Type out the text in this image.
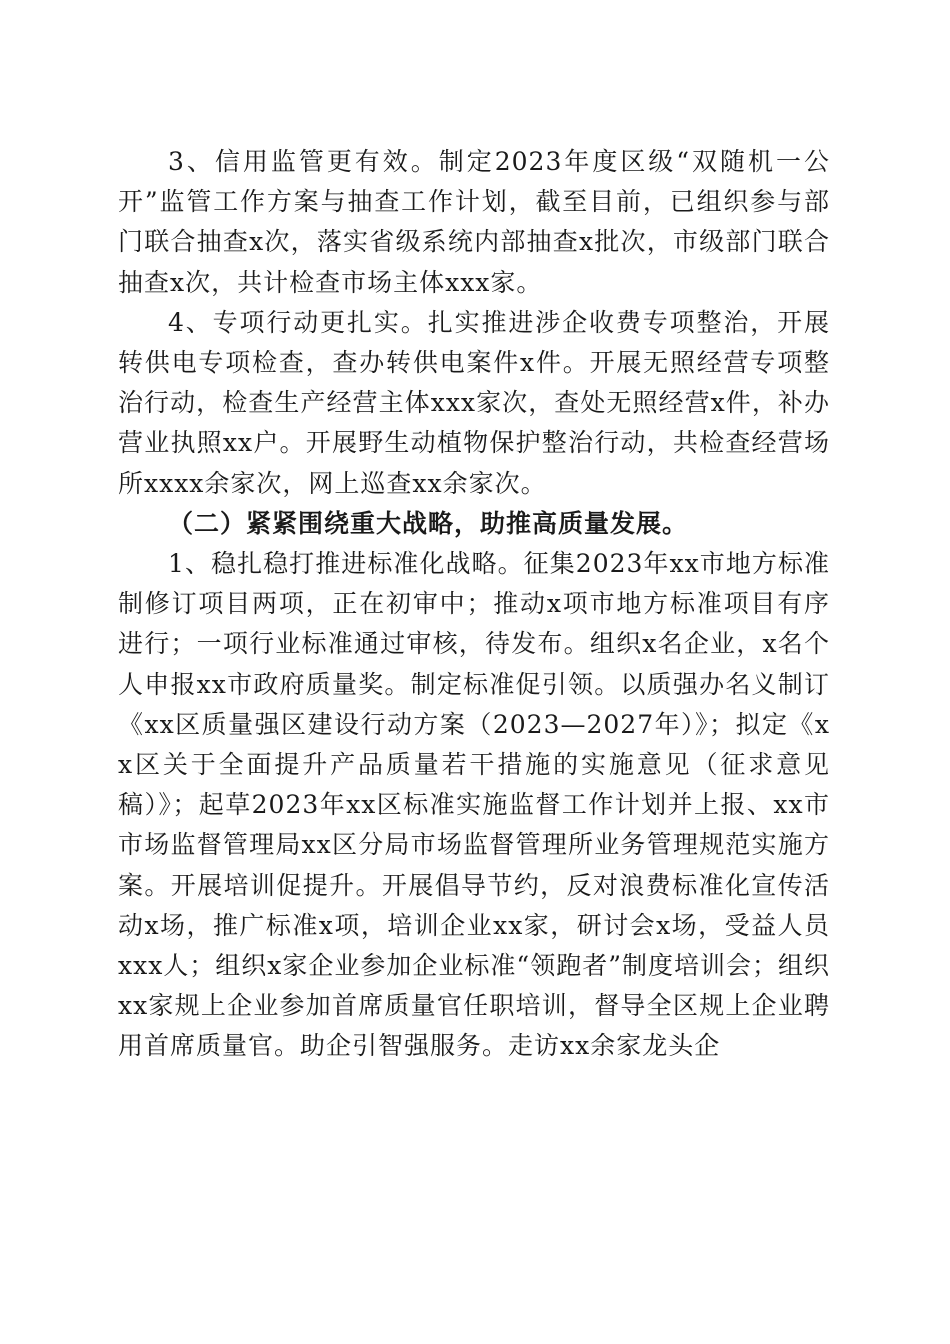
3、信用监管更有效。制定2023年度区级“双随机一公开”监管工作方案与抽查工作计划，截至目前，已组织参与部门联合抽查x次，落实省级系统内部抽查x批次，市级部门联合抽查x次，共计检查市场主体xxx家。

4、专项行动更扎实。扎实推进涉企收费专项整治，开展转供电专项检查，查办转供电案件x件。开展无照经营专项整治行动，检查生产经营主体xxx家次，查处无照经营x件，补办营业执照xx户。开展野生动植物保护整治行动，共检查经营场所xxxx余家次，网上巡查xx余家次。

（二）紧紧围绕重大战略，助推高质量发展。

1、稳扎稳打推进标准化战略。征集2023年xx市地方标准制修订项目两项，正在初审中；推动x项市地方标准项目有序进行；一项行业标准通过审核，待发布。组织x名企业，x名个人申报xx市政府质量奖。制定标准促引领。以质强办名义制订《xx区质量强区建设行动方案（2023—2027年）》；拟定《xx区关于全面提升产品质量若干措施的实施意见（征求意见稿）》；起草2023年xx区标准实施监督工作计划并上报、xx市市场监督管理局xx区分局市场监督管理所业务管理规范实施方案。开展培训促提升。开展倡导节约，反对浪费标准化宣传活动x场，推广标准x项，培训企业xx家，研讨会x场，受益人员xxx人；组织x家企业参加企业标准“领跑者”制度培训会；组织xx家规上企业参加首席质量官任职培训，督导全区规上企业聘用首席质量官。助企引智强服务。走访xx余家龙头企
